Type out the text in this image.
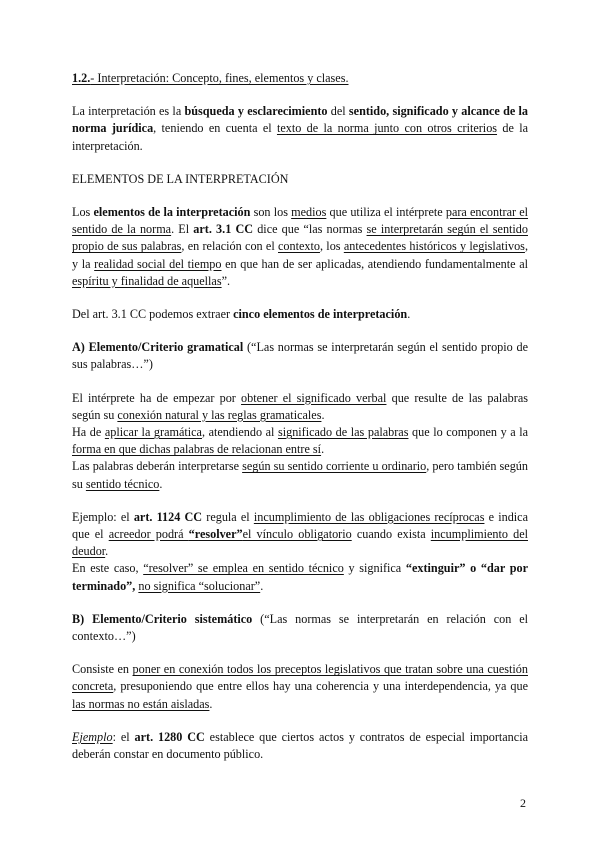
1.2.- Interpretación: Concepto, fines, elementos y clases.

La interpretación es la búsqueda y esclarecimiento del sentido, significado y alcance de la norma jurídica, teniendo en cuenta el texto de la norma junto con otros criterios de la interpretación.

ELEMENTOS DE LA INTERPRETACIÓN

Los elementos de la interpretación son los medios que utiliza el intérprete para encontrar el sentido de la norma. El art. 3.1 CC dice que “las normas se interpretarán según el sentido propio de sus palabras, en relación con el contexto, los antecedentes históricos y legislativos, y la realidad social del tiempo en que han de ser aplicadas, atendiendo fundamentalmente al espíritu y finalidad de aquellas”.

Del art. 3.1 CC podemos extraer cinco elementos de interpretación.

A) Elemento/Criterio gramatical (“Las normas se interpretarán según el sentido propio de sus palabras…”)

El intérprete ha de empezar por obtener el significado verbal que resulte de las palabras según su conexión natural y las reglas gramaticales.

Ha de aplicar la gramática, atendiendo al significado de las palabras que lo componen y a la forma en que dichas palabras de relacionan entre sí.

Las palabras deberán interpretarse según su sentido corriente u ordinario, pero también según su sentido técnico.

Ejemplo: el art. 1124 CC regula el incumplimiento de las obligaciones recíprocas e indica que el acreedor podrá “resolver”el vínculo obligatorio cuando exista incumplimiento del deudor.

En este caso, “resolver” se emplea en sentido técnico y significa “extinguir” o “dar por terminado”, no significa “solucionar”.

B) Elemento/Criterio sistemático (“Las normas se interpretarán en relación con el contexto…”)

Consiste en poner en conexión todos los preceptos legislativos que tratan sobre una cuestión concreta, presuponiendo que entre ellos hay una coherencia y una interdependencia, ya que las normas no están aisladas.

Ejemplo: el art. 1280 CC establece que ciertos actos y contratos de especial importancia deberán constar en documento público.

2
